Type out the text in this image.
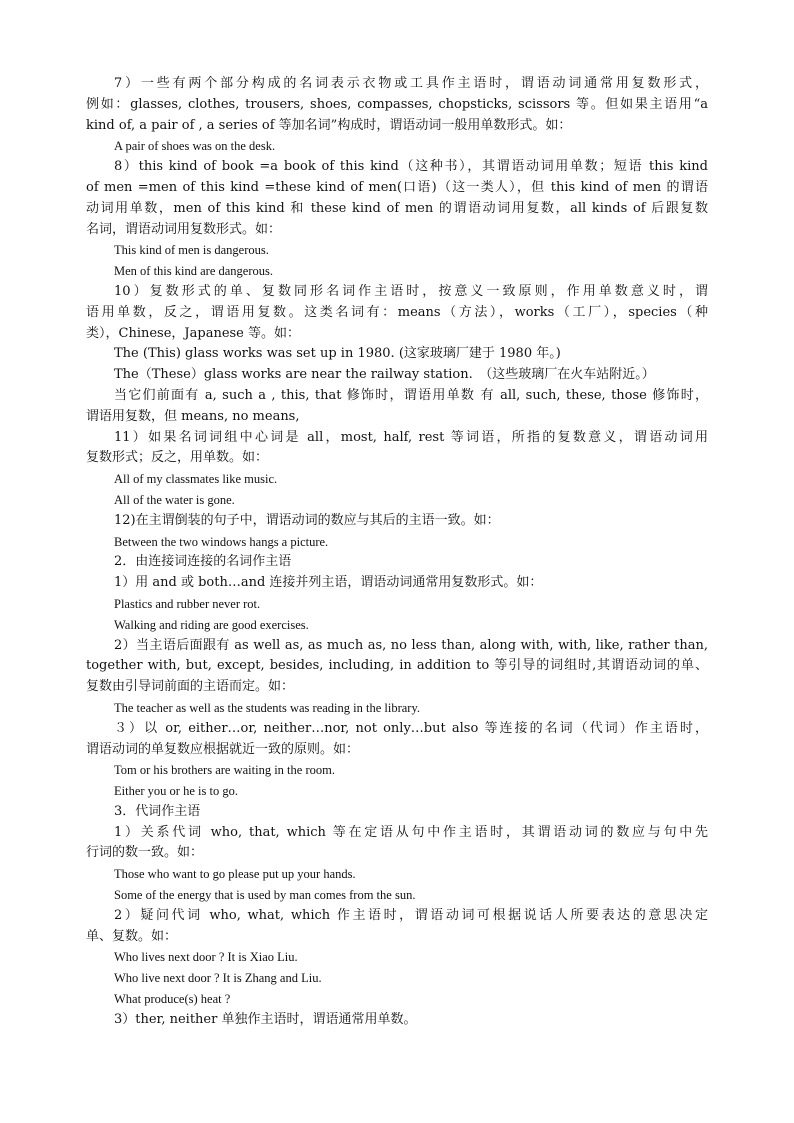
7）一些有两个部分构成的名词表示衣物或工具作主语时，谓语动词通常用复数形式，
例如：glasses, clothes, trousers, shoes, compasses, chopsticks, scissors 等。但如果主语用“a
kind of, a pair of , a series of 等加名词”构成时，谓语动词一般用单数形式。如：
A pair of shoes was on the desk.
8）this kind of book =a book of this kind（这种书），其谓语动词用单数；短语 this kind
of men =men of this kind =these kind of men(口语)（这一类人），但 this kind of men 的谓语
动词用单数，men of this kind 和 these kind of men 的谓语动词用复数，all kinds of 后跟复数
名词，谓语动词用复数形式。如：
This kind of men is dangerous.
Men of this kind are dangerous.
10）复数形式的单、复数同形名词作主语时，按意义一致原则，作用单数意义时，谓
语用单数，反之，谓语用复数。这类名词有：means（方法），works（工厂），species（种
类），Chinese，Japanese 等。如：
The (This) glass works was set up in 1980. (这家玻璃厂建于 1980 年。)
The（These）glass works are near the railway station.　（这些玻璃厂在火车站附近。）
当它们前面有 a, such a , this, that 修饰时，谓语用单数 有 all, such, these, those 修饰时，
谓语用复数，但 means, no means,
11）如果名词词组中心词是 all，most, half, rest 等词语，所指的复数意义，谓语动词用
复数形式；反之，用单数。如：
All of my classmates like music.
All of the water is gone.
12)在主谓倒装的句子中，谓语动词的数应与其后的主语一致。如：
Between the two windows hangs a picture.
2．由连接词连接的名词作主语
1）用 and 或 both…and 连接并列主语，谓语动词通常用复数形式。如：
Plastics and rubber never rot.
Walking and riding are good exercises.
2）当主语后面跟有 as well as, as much as, no less than, along with, with, like, rather than,
together with, but, except, besides, including, in addition to 等引导的词组时,其谓语动词的单、
复数由引导词前面的主语而定。如：
The teacher as well as the students was reading in the library.
３）以 or, either…or, neither…nor, not only…but also 等连接的名词（代词）作主语时，
谓语动词的单复数应根据就近一致的原则。如：
Tom or his brothers are waiting in the room.
Either you or he is to go.
3．代词作主语
1）关系代词 who, that, which 等在定语从句中作主语时，其谓语动词的数应与句中先
行词的数一致。如：
Those who want to go please put up your hands.
Some of the energy that is used by man comes from the sun.
2）疑问代词 who, what, which 作主语时，谓语动词可根据说话人所要表达的意思决定
单、复数。如：
Who lives next door ? It is Xiao Liu.
Who live next door ? It is Zhang and Liu.
What produce(s) heat ?
3）ther, neither 单独作主语时，谓语通常用单数。
